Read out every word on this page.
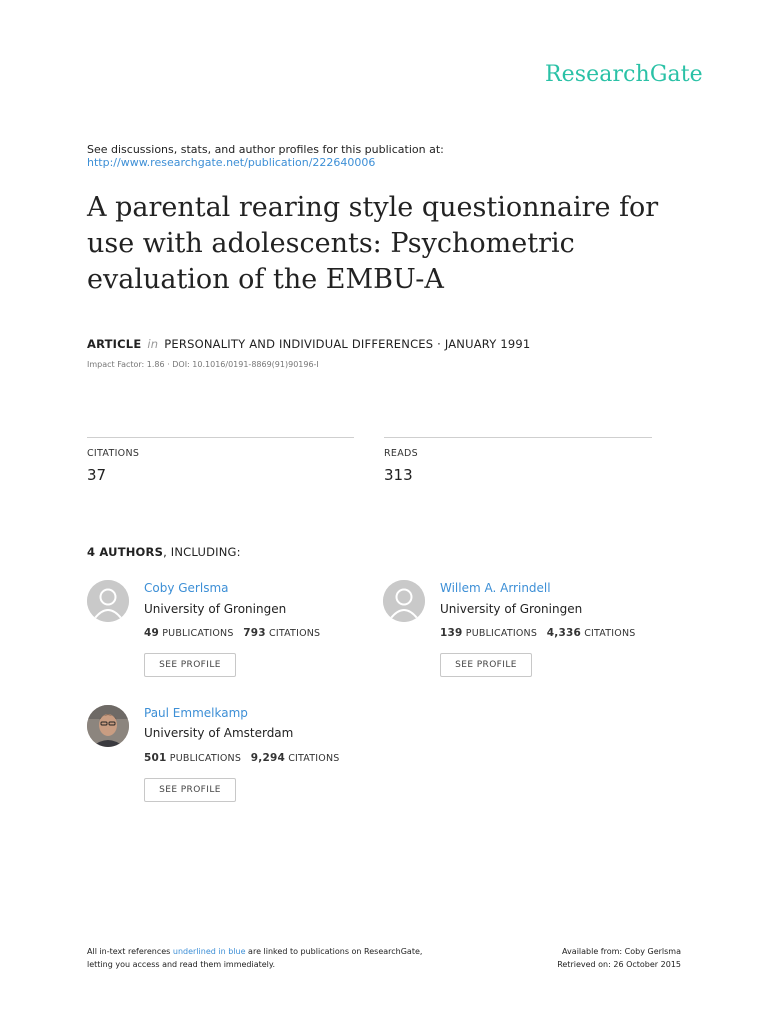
ResearchGate
See discussions, stats, and author profiles for this publication at:
http://www.researchgate.net/publication/222640006
A parental rearing style questionnaire for use with adolescents: Psychometric evaluation of the EMBU-A
ARTICLE in PERSONALITY AND INDIVIDUAL DIFFERENCES · JANUARY 1991
Impact Factor: 1.86 · DOI: 10.1016/0191-8869(91)90196-I
CITATIONS
37
READS
313
4 AUTHORS, INCLUDING:
Coby Gerlsma
University of Groningen
49 PUBLICATIONS 793 CITATIONS
SEE PROFILE
Willem A. Arrindell
University of Groningen
139 PUBLICATIONS 4,336 CITATIONS
SEE PROFILE
Paul Emmelkamp
University of Amsterdam
501 PUBLICATIONS 9,294 CITATIONS
SEE PROFILE
All in-text references underlined in blue are linked to publications on ResearchGate,
letting you access and read them immediately.
Available from: Coby Gerlsma
Retrieved on: 26 October 2015
